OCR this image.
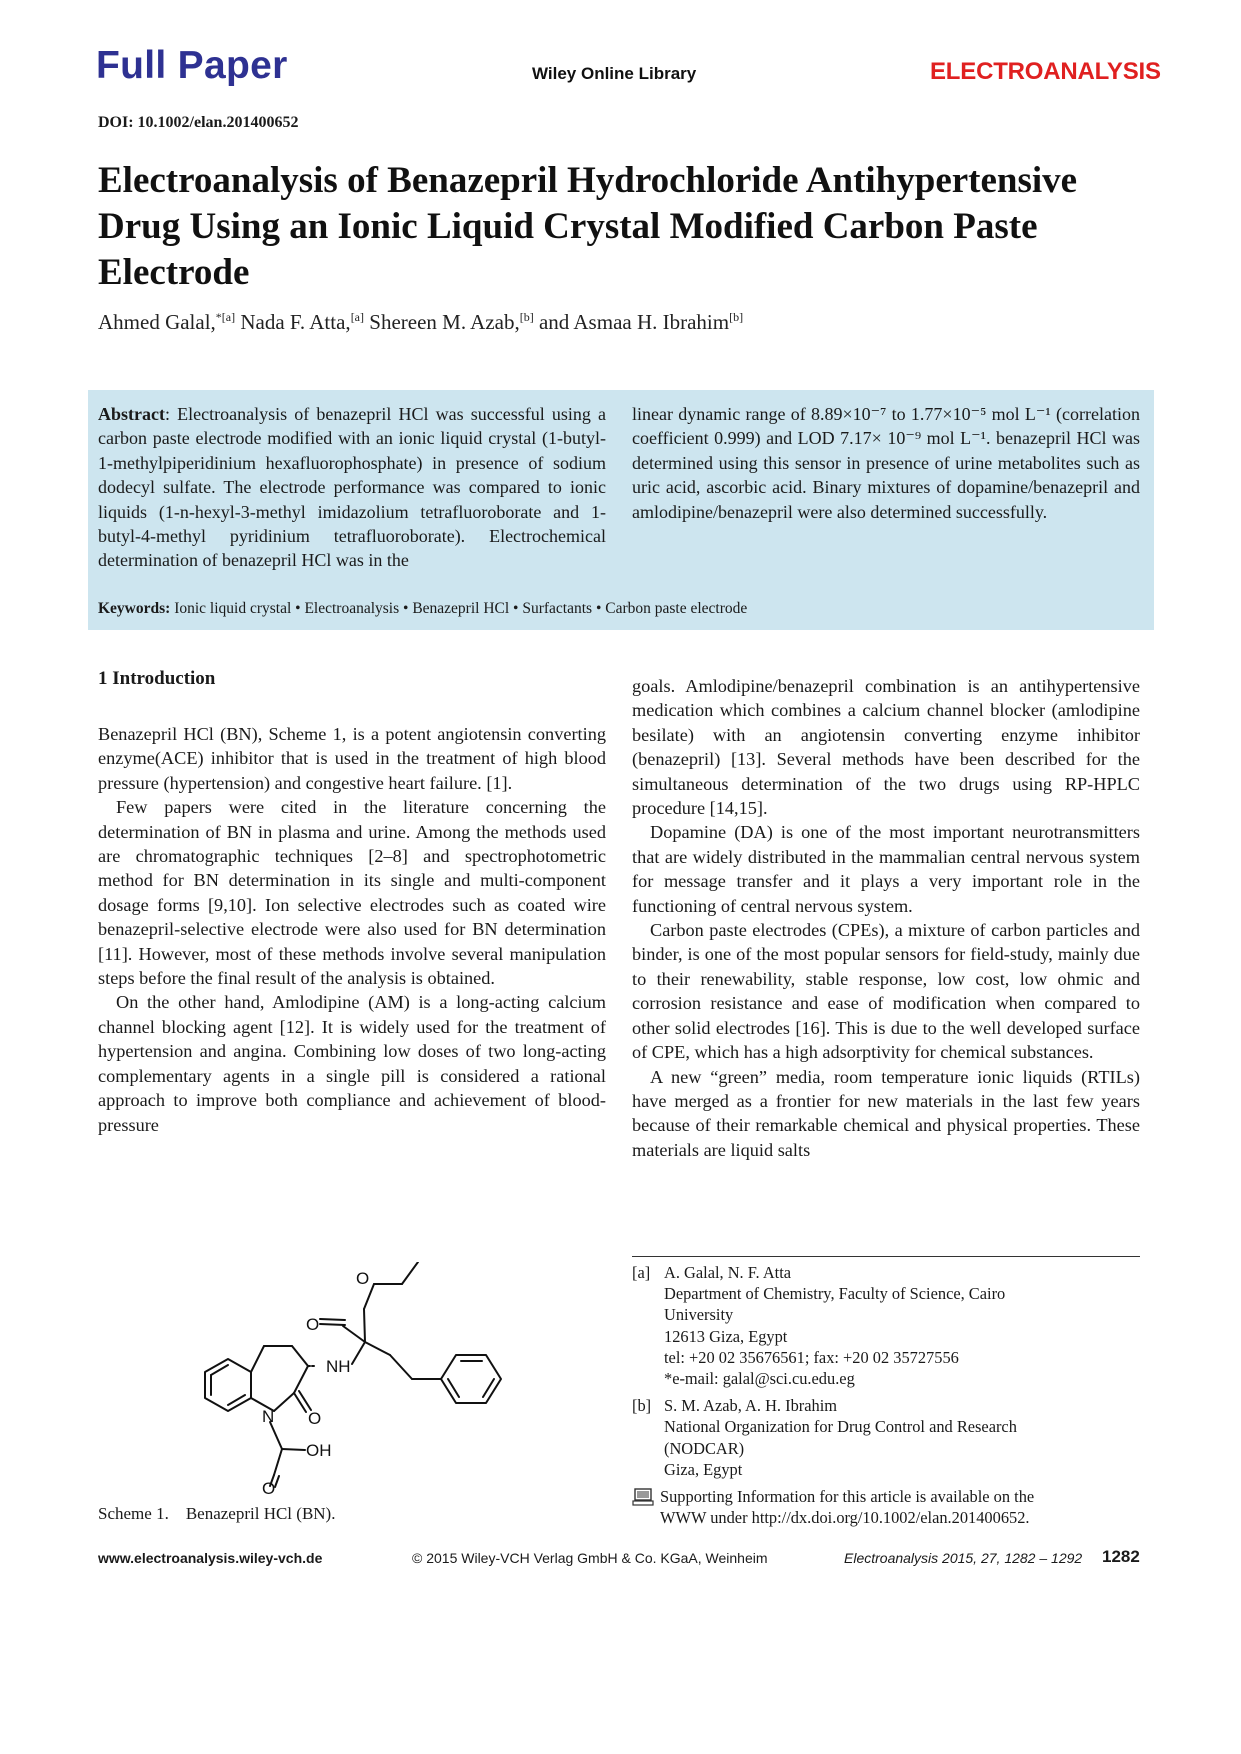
Full Paper	Wiley Online Library	ELECTROANALYSIS
DOI: 10.1002/elan.201400652
Electroanalysis of Benazepril Hydrochloride Antihypertensive Drug Using an Ionic Liquid Crystal Modified Carbon Paste Electrode
Ahmed Galal,$^{*[a]}$ Nada F. Atta,[a] Shereen M. Azab,[b] and Asmaa H. Ibrahim[b]
Abstract: Electroanalysis of benazepril HCl was successful using a carbon paste electrode modified with an ionic liquid crystal (1-butyl-1-methylpiperidinium hexafluorophosphate) in presence of sodium dodecyl sulfate. The electrode performance was compared to ionic liquids (1-n-hexyl-3-methyl imidazolium tetrafluoroborate and 1-butyl-4-methyl pyridinium tetrafluoroborate). Electrochemical determination of benazepril HCl was in the
linear dynamic range of 8.89×10⁻⁷ to 1.77×10⁻⁵ mol L⁻¹ (correlation coefficient 0.999) and LOD 7.17× 10⁻⁹ mol L⁻¹. benazepril HCl was determined using this sensor in presence of urine metabolites such as uric acid, ascorbic acid. Binary mixtures of dopamine/benazepril and amlodipine/benazepril were also determined successfully.
Keywords: Ionic liquid crystal • Electroanalysis • Benazepril HCl • Surfactants • Carbon paste electrode
1 Introduction

Benazepril HCl (BN), Scheme 1, is a potent angiotensin converting enzyme(ACE) inhibitor that is used in the treatment of high blood pressure (hypertension) and congestive heart failure. [1].

Few papers were cited in the literature concerning the determination of BN in plasma and urine. Among the methods used are chromatographic techniques [2–8] and spectrophotometric method for BN determination in its single and multi-component dosage forms [9,10]. Ion selective electrodes such as coated wire benazepril-selective electrode were also used for BN determination [11]. However, most of these methods involve several manipulation steps before the final result of the analysis is obtained.

On the other hand, Amlodipine (AM) is a long-acting calcium channel blocking agent [12]. It is widely used for the treatment of hypertension and angina. Combining low doses of two long-acting complementary agents in a single pill is considered a rational approach to improve both compliance and achievement of blood-pressure

goals. Amlodipine/benazepril combination is an antihypertensive medication which combines a calcium channel blocker (amlodipine besilate) with an angiotensin converting enzyme inhibitor (benazepril) [13]. Several methods have been described for the simultaneous determination of the two drugs using RP-HPLC procedure [14,15].

Dopamine (DA) is one of the most important neurotransmitters that are widely distributed in the mammalian central nervous system for message transfer and it plays a very important role in the functioning of central nervous system.

Carbon paste electrodes (CPEs), a mixture of carbon particles and binder, is one of the most popular sensors for field-study, mainly due to their renewability, stable response, low cost, low ohmic and corrosion resistance and ease of modification when compared to other solid electrodes [16]. This is due to the well developed surface of CPE, which has a high adsorptivity for chemical substances.

A new “green” media, room temperature ionic liquids (RTILs) have merged as a frontier for new materials in the last few years because of their remarkable chemical and physical properties. These materials are liquid salts

[a] A. Galal, N. F. Atta
Department of Chemistry, Faculty of Science, Cairo
University
12613 Giza, Egypt
tel: +20 02 35676561; fax: +20 02 35727556
*e-mail: galal@sci.cu.edu.eg
[b] S. M. Azab, A. H. Ibrahim
National Organization for Drug Control and Research
(NODCAR)
Giza, Egypt
Supporting Information for this article is available on the
WWW under http://dx.doi.org/10.1002/elan.201400652.
O
O
NH
N O
OH
O
Scheme 1.    Benazepril HCl (BN).
www.electroanalysis.wiley-vch.de	© 2015 Wiley-VCH Verlag GmbH & Co. KGaA, Weinheim	Electroanalysis 2015, 27, 1282 – 1292 1282
